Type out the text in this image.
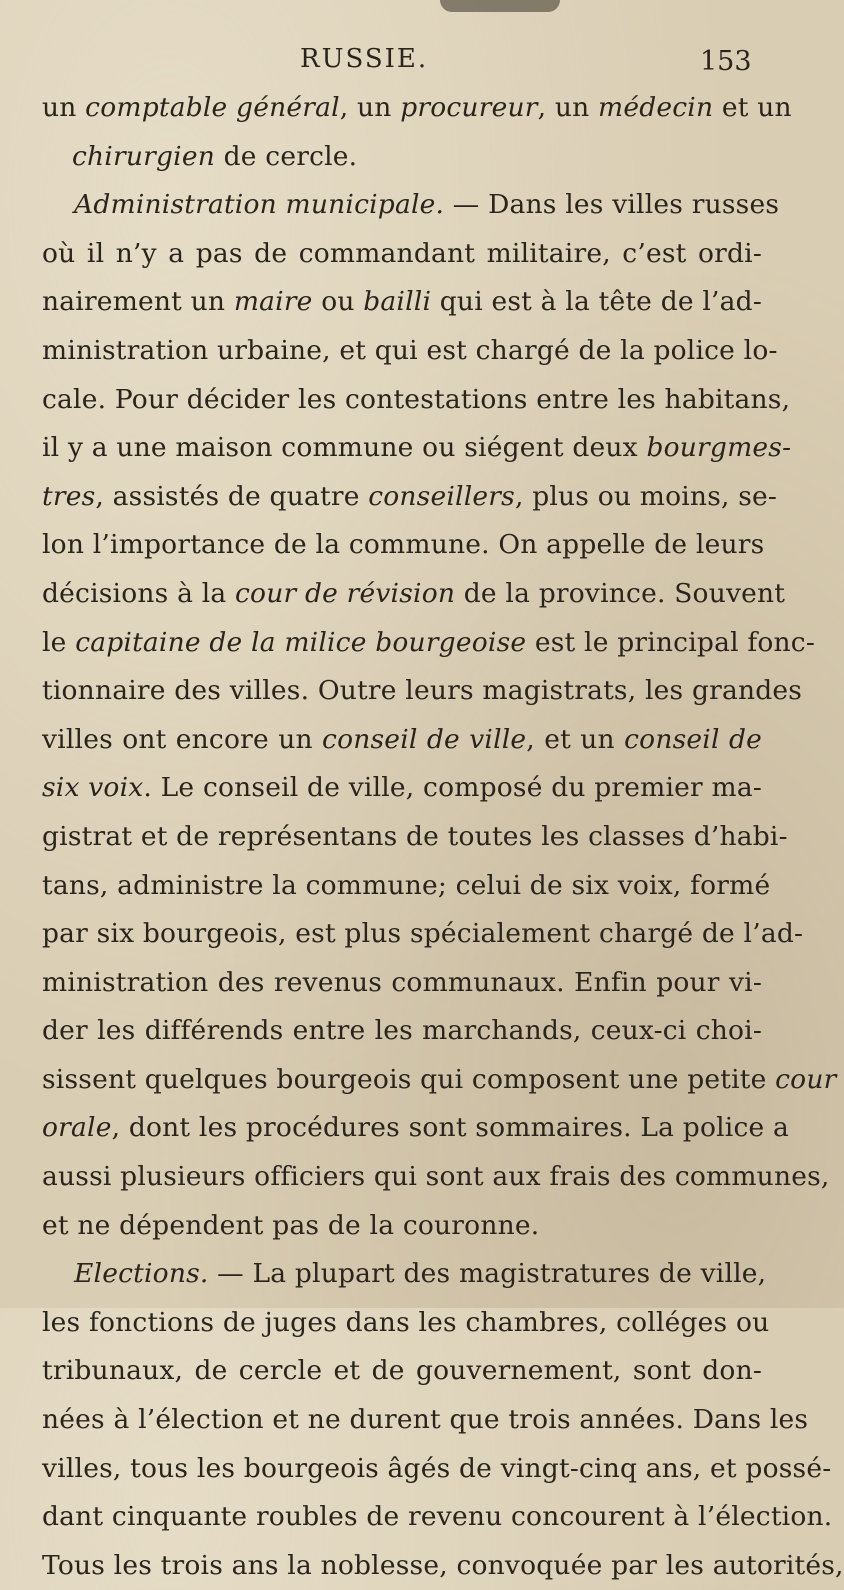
RUSSIE.	153
un comptable général, un procureur, un médecin et un
chirurgien de cercle.
Administration municipale. — Dans les villes russes
où il n’y a pas de commandant militaire, c’est ordi-
nairement un maire ou bailli qui est à la tête de l’ad-
ministration urbaine, et qui est chargé de la police lo-
cale. Pour décider les contestations entre les habitans,
il y a une maison commune ou siégent deux bourgmes-
tres, assistés de quatre conseillers, plus ou moins, se-
lon l’importance de la commune. On appelle de leurs
décisions à la cour de révision de la province. Souvent
le capitaine de la milice bourgeoise est le principal fonc-
tionnaire des villes. Outre leurs magistrats, les grandes
villes ont encore un conseil de ville, et un conseil de
six voix. Le conseil de ville, composé du premier ma-
gistrat et de représentans de toutes les classes d’habi-
tans, administre la commune; celui de six voix, formé
par six bourgeois, est plus spécialement chargé de l’ad-
ministration des revenus communaux. Enfin pour vi-
der les différends entre les marchands, ceux-ci choi-
sissent quelques bourgeois qui composent une petite cour
orale, dont les procédures sont sommaires. La police a
aussi plusieurs officiers qui sont aux frais des communes,
et ne dépendent pas de la couronne.
Elections. — La plupart des magistratures de ville,
les fonctions de juges dans les chambres, colléges ou
tribunaux, de cercle et de gouvernement, sont don-
nées à l’élection et ne durent que trois années. Dans les
villes, tous les bourgeois âgés de vingt-cinq ans, et possé-
dant cinquante roubles de revenu concourent à l’élection.
Tous les trois ans la noblesse, convoquée par les autorités,
